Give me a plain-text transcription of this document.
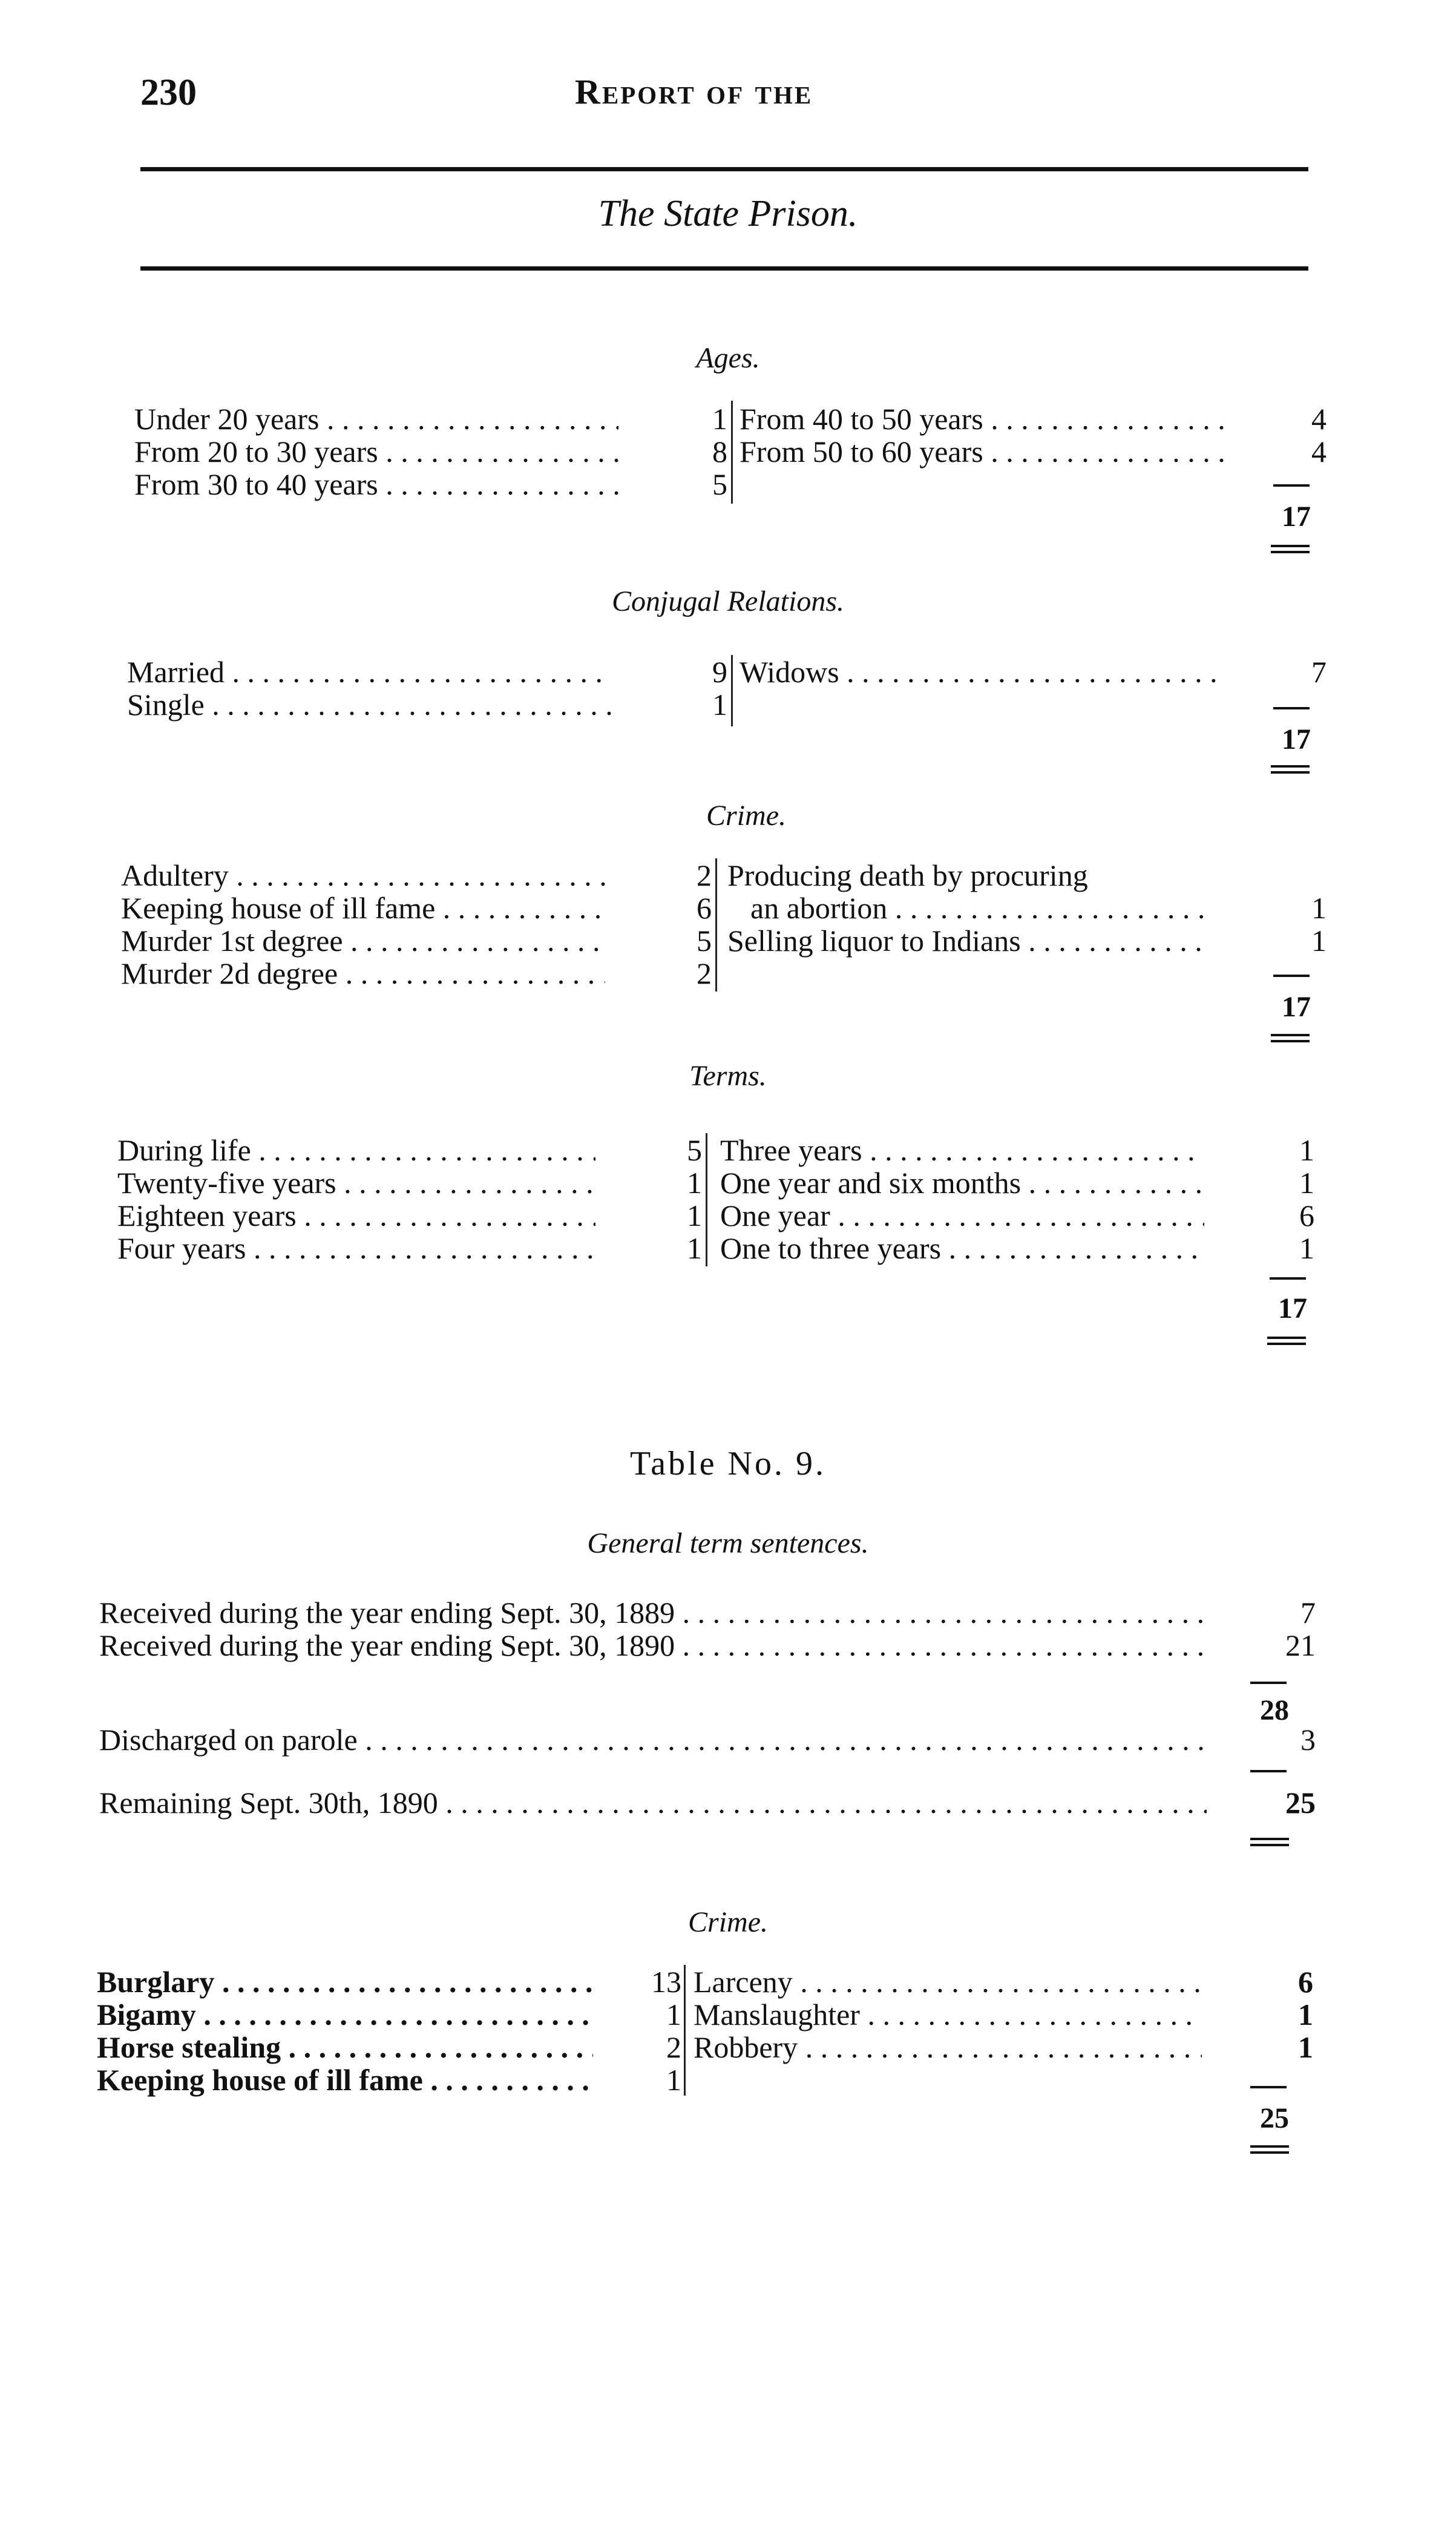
230	Report of the
The State Prison.
Ages.
Under 20 years . . .	1 From 40 to 50 years . . .	4
From 20 to 30 years . . .	8 From 50 to 60 years . . .	4
From 30 to 40 years . . .	5
17
Conjugal Relations.
Married . . .	9 Widows . . .	7
Single . . .	1
17
Crime.
Adultery . . .	2 Producing death by procuring
Keeping house of ill fame . . .	6 an abortion . . .	1
Murder 1st degree . . .	5 Selling liquor to Indians . . .	1
Murder 2d degree . . .	2
17
Terms.
During life . . .	5 Three years . . .	1
Twenty-five years . . .	1 One year and six months . . .	1
Eighteen years . . .	1 One year . . .	6
Four years . . .	1 One to three years . . .	1
17
Table No. 9.
General term sentences.
Received during the year ending Sept. 30, 1889 . . .	7
Received during the year ending Sept. 30, 1890 . . .	21
28
Discharged on parole . . .	3
Remaining Sept. 30th, 1890 . . .	25
Crime.
Burglary . . .	13 Larceny . . .	6
Bigamy . . .	1 Manslaughter . . .	1
Horse stealing . . .	2 Robbery . . .	1
Keeping house of ill fame . . .	1
25
